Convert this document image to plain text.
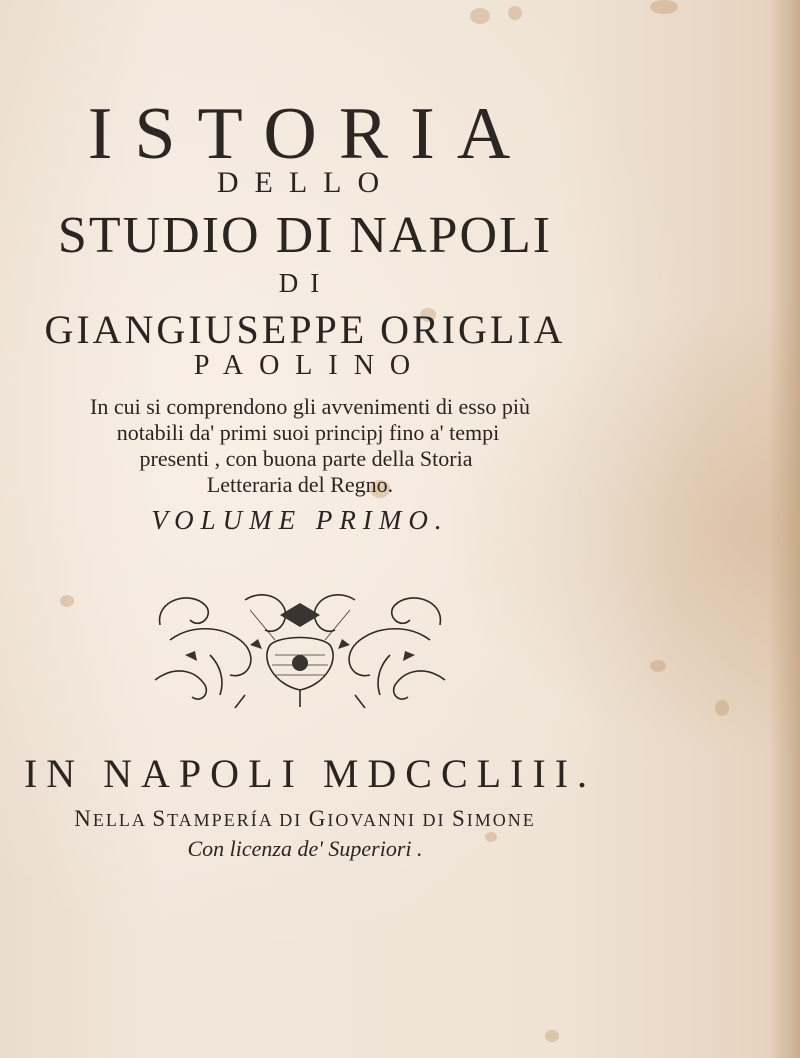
ISTORIA
DELLO
STUDIO DI NAPOLI
DI
GIANGIUSEPPE ORIGLIA
PAOLINO
In cui si comprendono gli avvenimenti di esso più
notabili da' primi suoi principj fino a' tempi
presenti , con buona parte della Storia
Letteraria del Regno.
VOLUME PRIMO.
IN NAPOLI MDCCLIII.
NELLA STAMPERÍA DI GIOVANNI DI SIMONE
Con licenza de' Superiori .
